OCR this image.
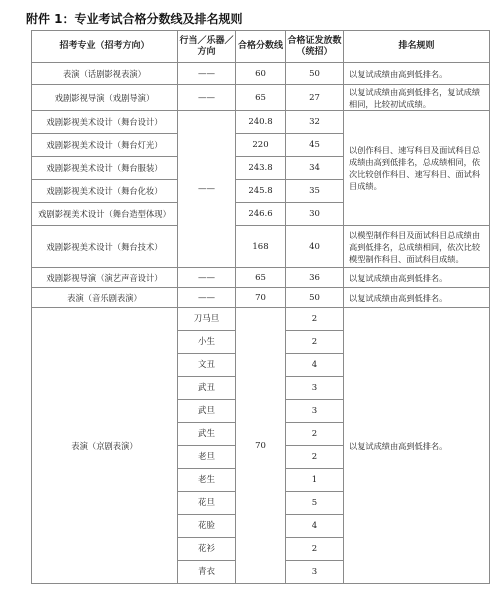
附件 1：专业考试合格分数线及排名规则
招考专业（招考方向）	行当／乐器／方向	合格分数线	合格证发放数（统招）	排名规则
表演（话剧影视表演）	——	60	50	以复试成绩由高到低排名。
戏剧影视导演（戏剧导演）	——	65	27	以复试成绩由高到低排名，复试成绩相同，比较初试成绩。
戏剧影视美术设计（舞台设计）	——	240.8	32	以创作科目、速写科目及面试科目总成绩由高到低排名，总成绩相同，依次比较创作科目、速写科目、面试科目成绩。
戏剧影视美术设计（舞台灯光）		220	45	
戏剧影视美术设计（舞台服装）		243.8	34	
戏剧影视美术设计（舞台化妆）		245.8	35	
戏剧影视美术设计（舞台造型体现）		246.6	30	
戏剧影视美术设计（舞台技术）		168	40	以模型制作科目及面试科目总成绩由高到低排名，总成绩相同，依次比较模型制作科目、面试科目成绩。
戏剧影视导演（演艺声音设计）	——	65	36	以复试成绩由高到低排名。
表演（音乐剧表演）	——	70	50	以复试成绩由高到低排名。
表演（京剧表演）	刀马旦	70	2	以复试成绩由高到低排名。
	小生		2	
	文丑		4	
	武丑		3	
	武旦		3	
	武生		2	
	老旦		2	
	老生		1	
	花旦		5	
	花脸		4	
	花衫		2	
	青衣		3	
